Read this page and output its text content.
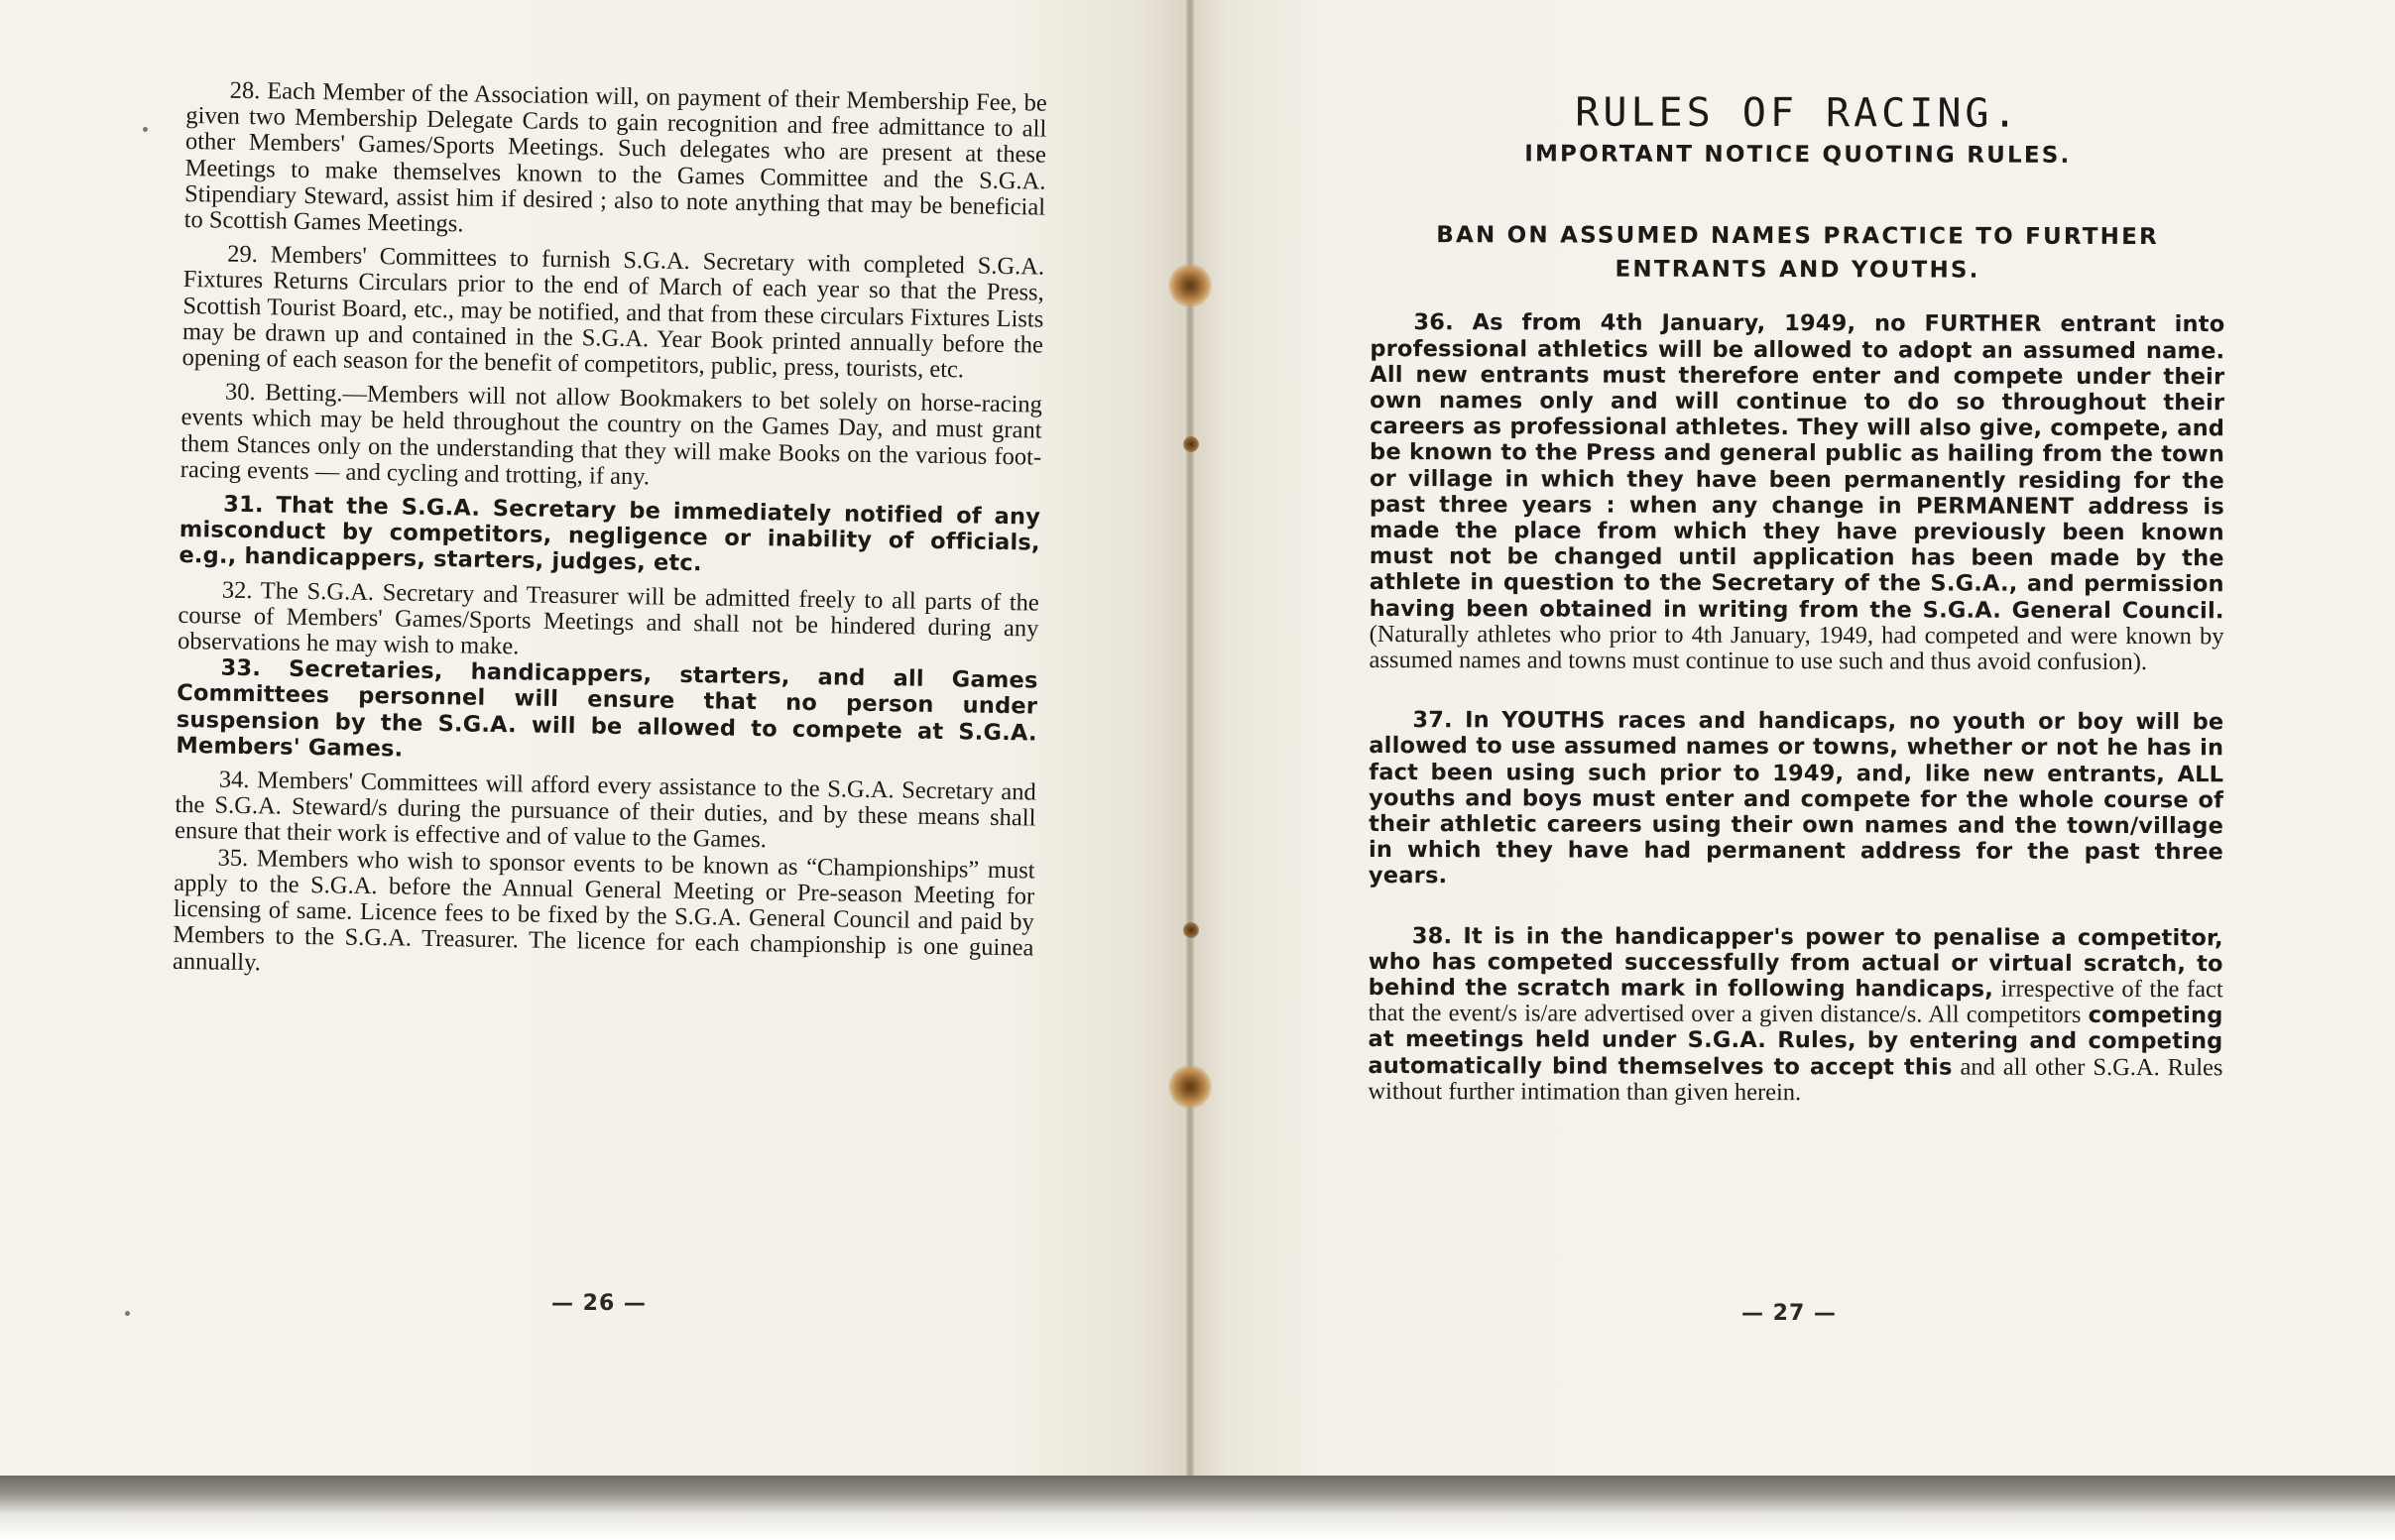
28. Each Member of the Association will, on payment of their Membership Fee, be given two Membership Delegate Cards to gain recognition and free admittance to all other Members' Games/Sports Meetings. Such delegates who are present at these Meetings to make themselves known to the Games Committee and the S.G.A. Stipendiary Steward, assist him if desired ; also to note anything that may be beneficial to Scottish Games Meetings.

29. Members' Committees to furnish S.G.A. Secretary with completed S.G.A. Fixtures Returns Circulars prior to the end of March of each year so that the Press, Scottish Tourist Board, etc., may be notified, and that from these circulars Fixtures Lists may be drawn up and contained in the S.G.A. Year Book printed annually before the opening of each season for the benefit of competitors, public, press, tourists, etc.

30. Betting.—Members will not allow Bookmakers to bet solely on horse-racing events which may be held throughout the country on the Games Day, and must grant them Stances only on the understanding that they will make Books on the various foot-racing events — and cycling and trotting, if any.

31. That the S.G.A. Secretary be immediately notified of any misconduct by competitors, negligence or inability of officials, e.g., handicappers, starters, judges, etc.

32. The S.G.A. Secretary and Treasurer will be admitted freely to all parts of the course of Members' Games/Sports Meetings and shall not be hindered during any observations he may wish to make.

33. Secretaries, handicappers, starters, and all Games Committees personnel will ensure that no person under suspension by the S.G.A. will be allowed to compete at S.G.A. Members' Games.

34. Members' Committees will afford every assistance to the S.G.A. Secretary and the S.G.A. Steward/s during the pursuance of their duties, and by these means shall ensure that their work is effective and of value to the Games.

35. Members who wish to sponsor events to be known as “Championships” must apply to the S.G.A. before the Annual General Meeting or Pre-season Meeting for licensing of same. Licence fees to be fixed by the S.G.A. General Council and paid by Members to the S.G.A. Treasurer. The licence for each championship is one guinea annually.

— 26 —	— 27 —
RULES OF RACING.
IMPORTANT NOTICE QUOTING RULES.
BAN ON ASSUMED NAMES PRACTICE TO FURTHER
ENTRANTS AND YOUTHS.

36. As from 4th January, 1949, no FURTHER entrant into professional athletics will be allowed to adopt an assumed name. All new entrants must therefore enter and compete under their own names only and will continue to do so throughout their careers as professional athletes. They will also give, compete, and be known to the Press and general public as hailing from the town or village in which they have been permanently residing for the past three years : when any change in PERMANENT address is made the place from which they have previously been known must not be changed until application has been made by the athlete in question to the Secretary of the S.G.A., and permission having been obtained in writing from the S.G.A. General Council. (Naturally athletes who prior to 4th January, 1949, had competed and were known by assumed names and towns must continue to use such and thus avoid confusion).

37. In YOUTHS races and handicaps, no youth or boy will be allowed to use assumed names or towns, whether or not he has in fact been using such prior to 1949, and, like new entrants, ALL youths and boys must enter and compete for the whole course of their athletic careers using their own names and the town/village in which they have had permanent address for the past three years.

38. It is in the handicapper's power to penalise a competitor, who has competed successfully from actual or virtual scratch, to behind the scratch mark in following handicaps, irrespective of the fact that the event/s is/are advertised over a given distance/s. All competitors competing at meetings held under S.G.A. Rules, by entering and competing automatically bind themselves to accept this and all other S.G.A. Rules without further intimation than given herein.
